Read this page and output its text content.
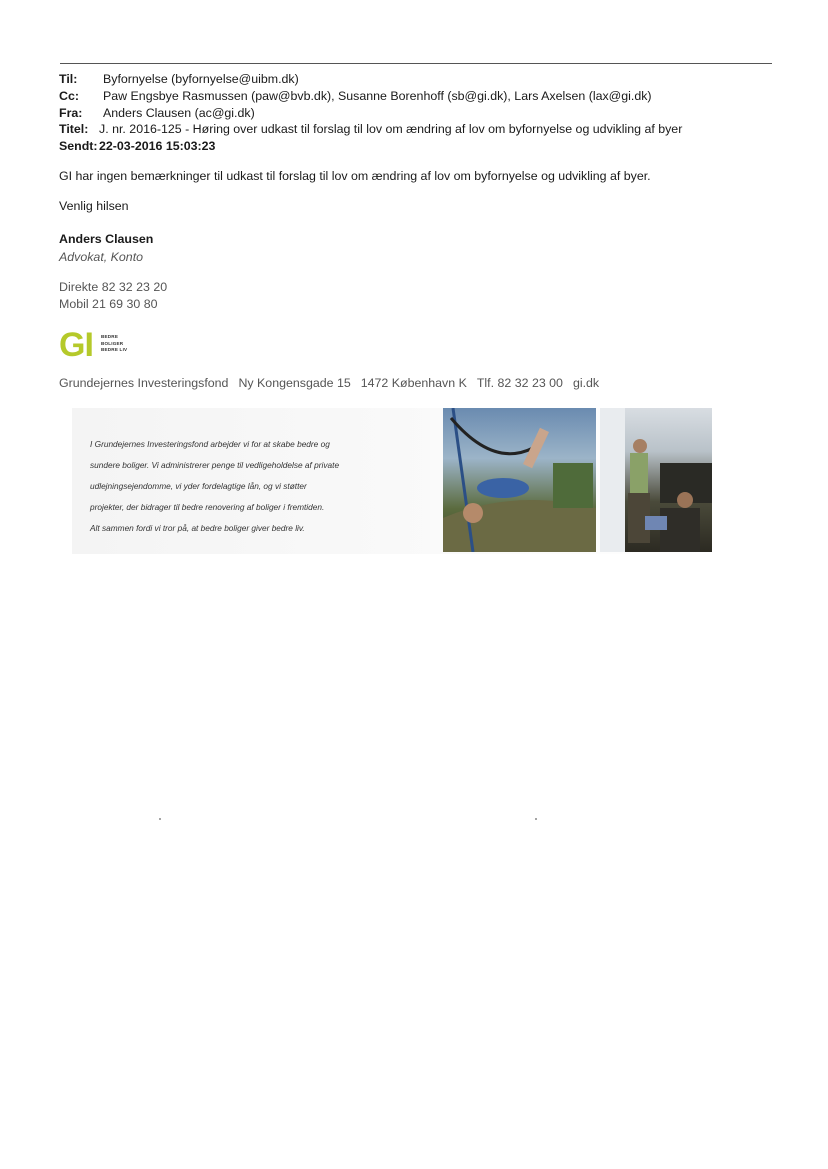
Til:	Byfornyelse (byfornyelse@uibm.dk)
Cc:	Paw Engsbye Rasmussen (paw@bvb.dk), Susanne Borenhoff (sb@gi.dk), Lars Axelsen (lax@gi.dk)
Fra:	Anders Clausen (ac@gi.dk)
Titel: J. nr. 2016-125 - Høring over udkast til forslag til lov om ændring af lov om byfornyelse og udvikling af byer
Sendt: 22-03-2016 15:03:23
GI har ingen bemærkninger til udkast til forslag til lov om ændring af lov om byfornyelse og udvikling af byer.
Venlig hilsen
Anders Clausen
Advokat, Konto
Direkte 82 32 23 20
Mobil 21 69 30 80
GI BEDRE
BOLIGER
BEDRE LIV
Grundejernes Investeringsfond Ny Kongensgade 15 1472 København K Tlf. 82 32 23 00 gi.dk
I Grundejernes Investeringsfond arbejder vi for at skabe bedre og
sundere boliger. Vi administrerer penge til vedligeholdelse af private
udlejningsejendomme, vi yder fordelagtige lån, og vi støtter
projekter, der bidrager til bedre renovering af boliger i fremtiden.
Alt sammen fordi vi tror på, at bedre boliger giver bedre liv.
